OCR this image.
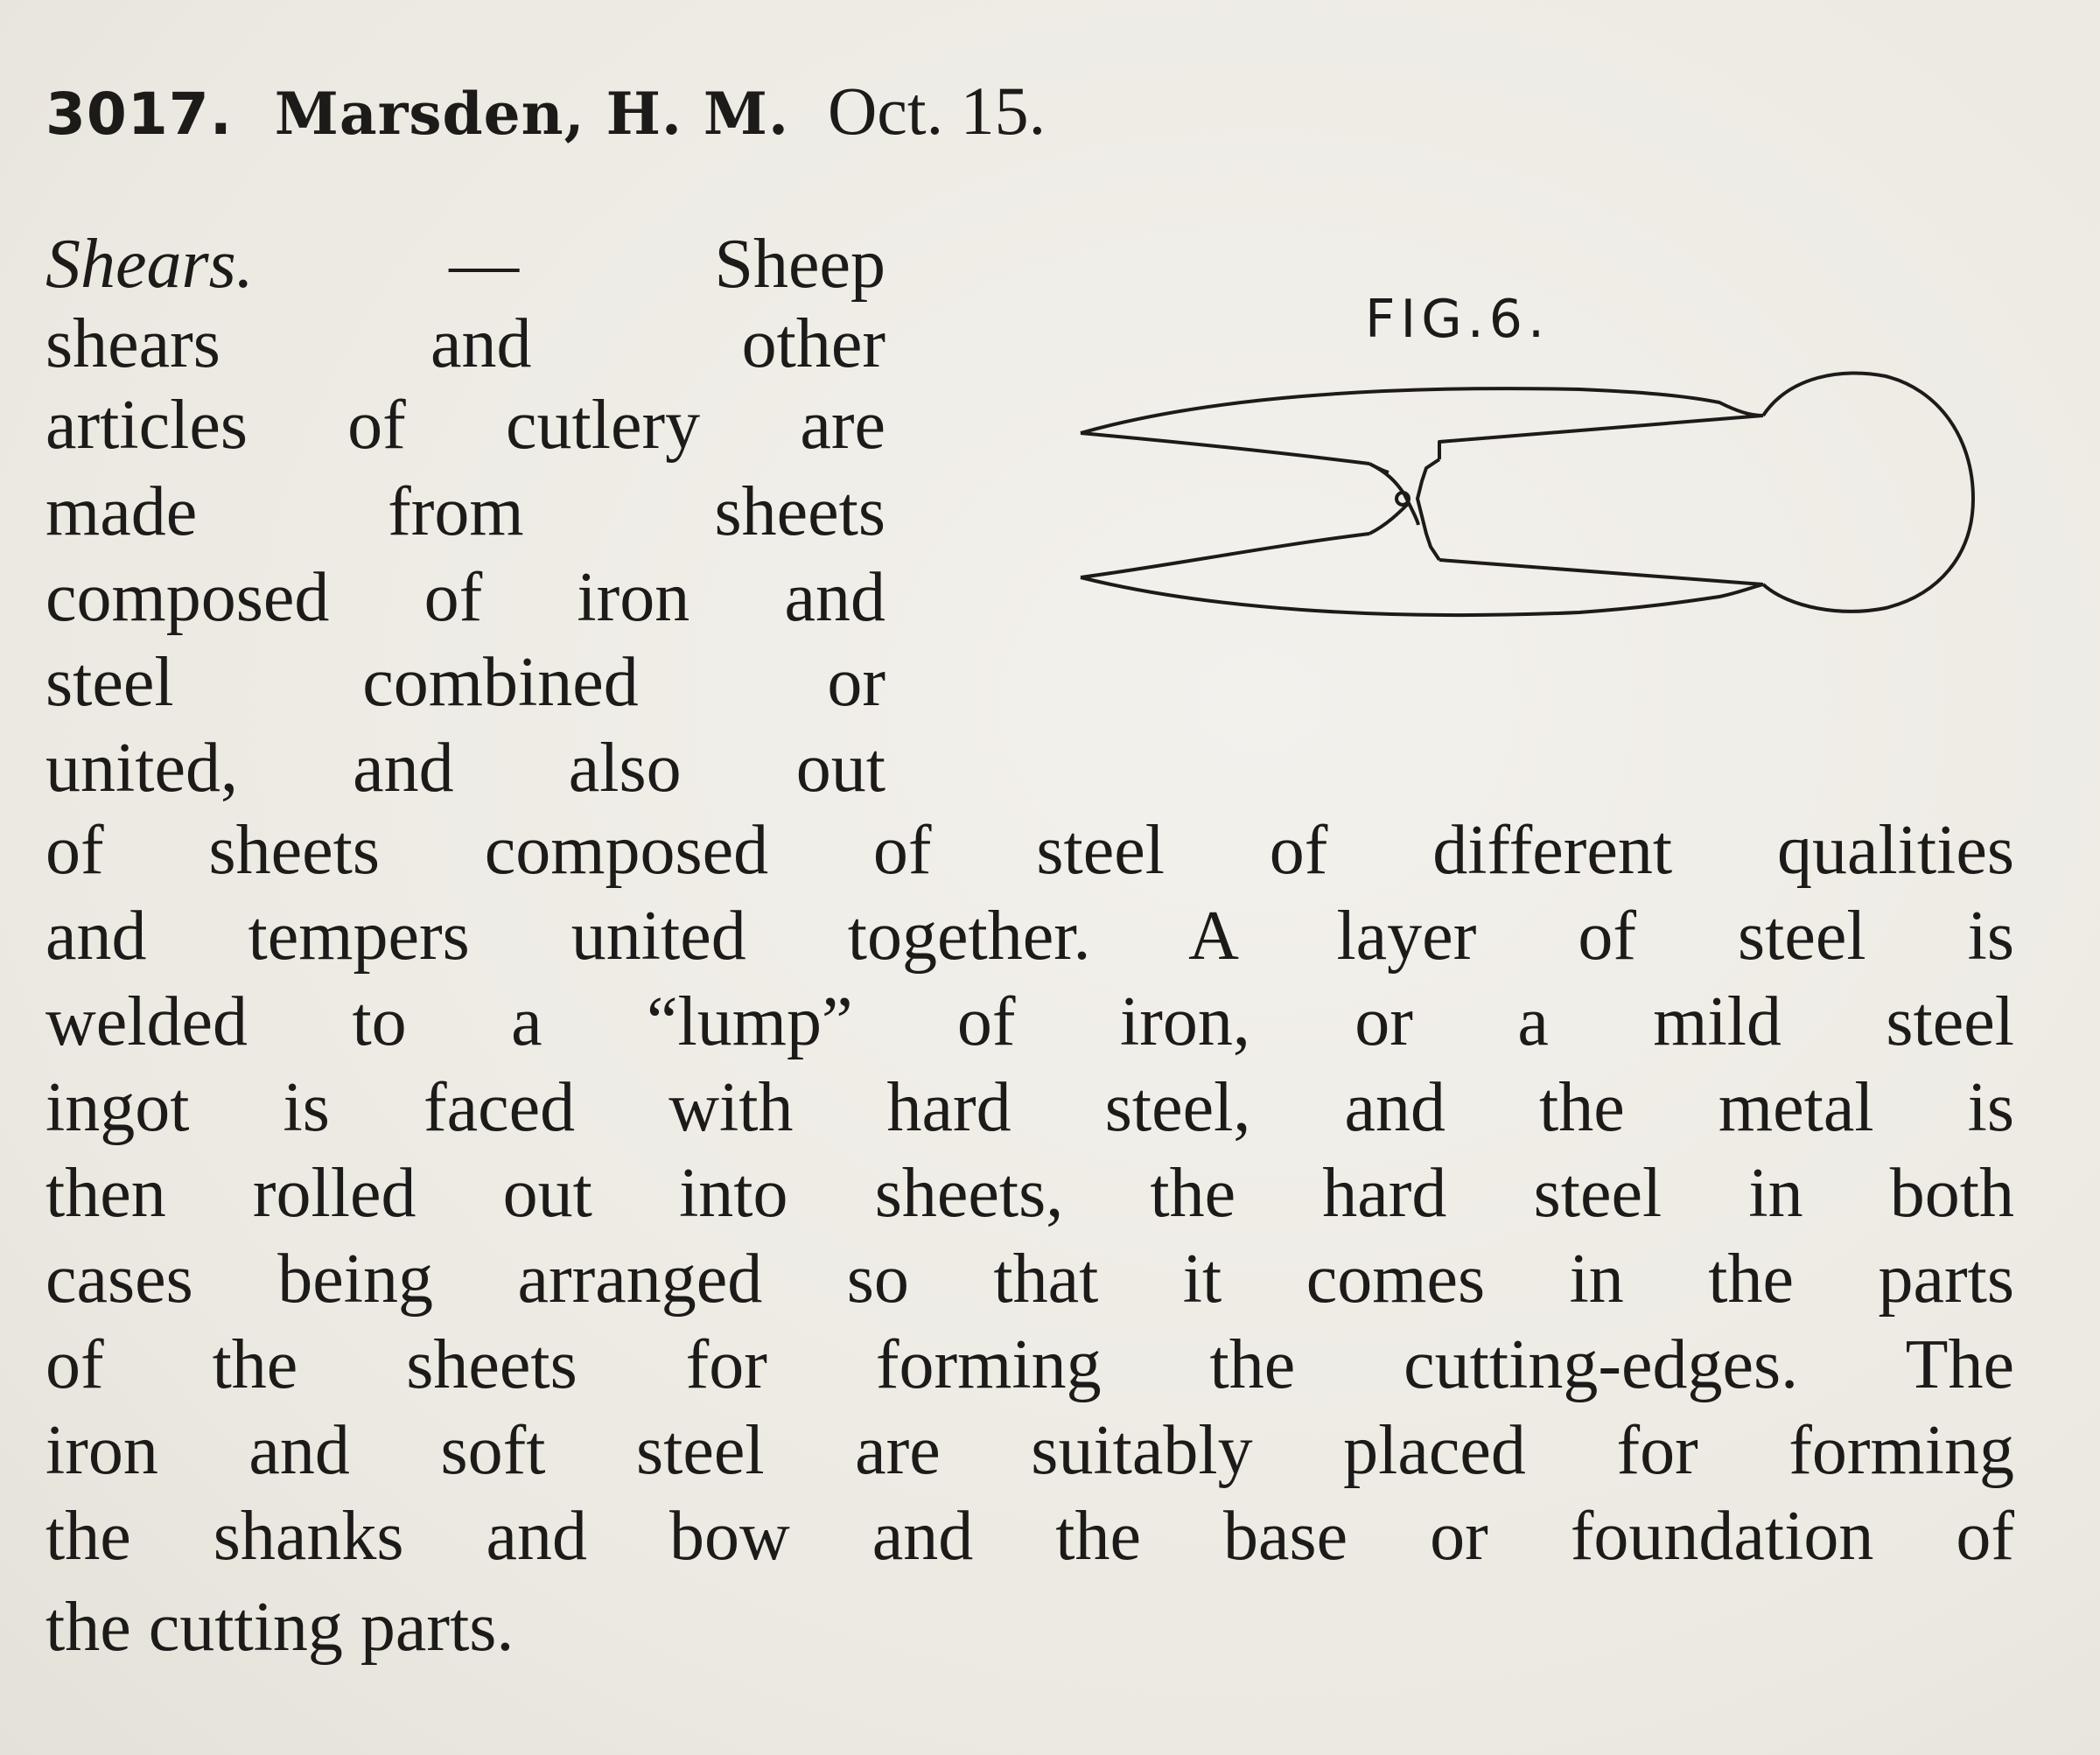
3017. Marsden, H. M. Oct. 15.
FIG.6.
Shears.	— Sheep
shears and other
articles of cutlery are
made from sheets
composed of iron and
steel combined or
united, and also out
of sheets composed of steel of different qualities
and tempers united together. A layer of steel is
welded to a “lump” of iron, or a mild steel
ingot is faced with hard steel, and the metal is
then rolled out into sheets, the hard steel in both
cases being arranged so that it comes in the parts
of the sheets for forming the cutting-edges. The
iron and soft steel are suitably placed for forming
the shanks and bow and the base or foundation of
the cutting parts.
